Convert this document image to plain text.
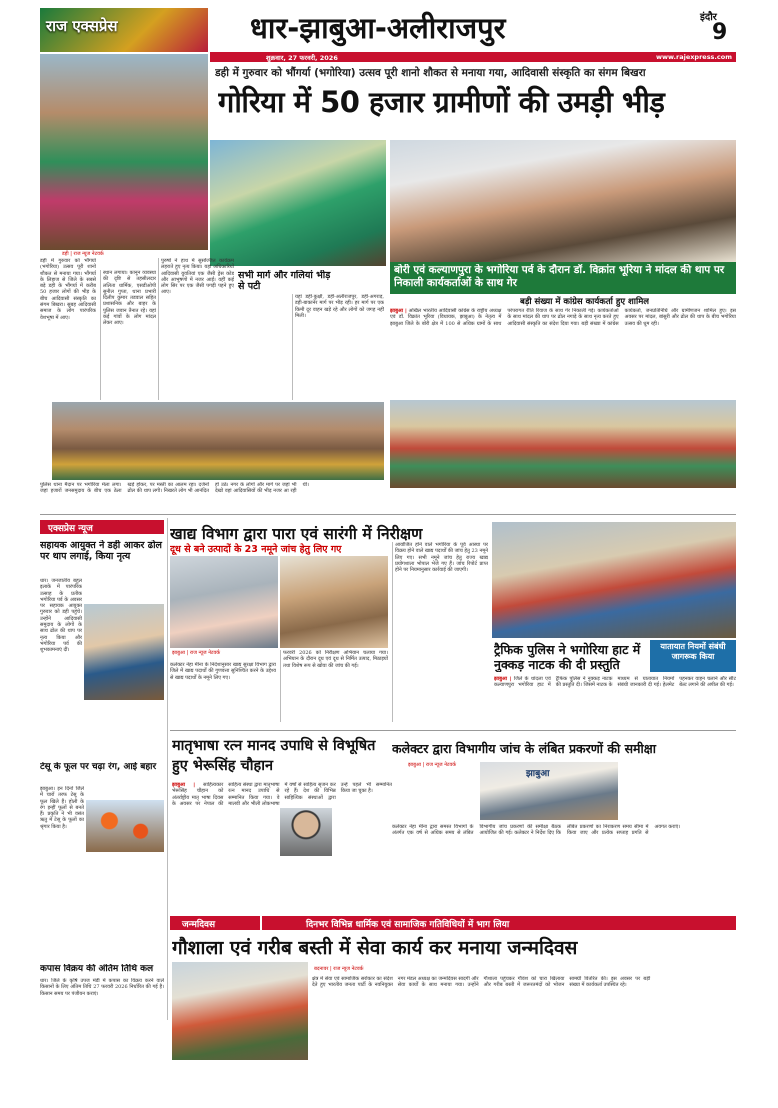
राज एक्सप्रेस	धार-झाबुआ-अलीराजपुर	इंदौर
9
शुक्रवार, 27 फरवरी, 2026	www.rajexpress.com
डही | राज न्यूज नेटवर्क
डही में गुरुवार को भौंगर्या (भगोरिया) उत्सव पूरी शानो शौकत से मनाया गया, आदिवासी संस्कृति का संगम बिखरा
गोरिया में 50 हजार ग्रामीणों की उमड़ी भीड़
डही में गुरुवार को भौंगर्या (भगोरिया) उत्सव पूरी शानो शौकत से मनाया गया। भौंगर्या के लिहाज से जिले के सबसे बड़े डही के भौंगर्या में करीब 50 हजार लोगों की भीड़ के बीच आदिवासी संस्कृति का संगम बिखरा। सुबह आदिवासी समाज के लोग पारंपरिक वेशभूषा में आए।
स्थान लगाया। कानून व्यवस्था की दृष्टि से तहसीलदार ललिता धार्मिक, एसडीओपी सुनील गुप्ता, थाना प्रभारी दिलीप कुमार तडवाल सहित प्रशासनिक और बाहर के पुलिस जवान तैनात रहे। यहां कई गांवों के लोग मांदल लेकर आए।
पुरुषों ने हाथ में सुसज्जित कार्यक्रम लहराते हुए नृत्य किया। यहां अधिकारियों आदिवासी युवतियां एक जैसी ड्रेस कोड और आभूषणों में नजर आईं। वहीं कई लोग सिर पर एक जैसी पगड़ी पहने हुए आए।
सभी मार्ग और गलियां भीड़ से पटी
यहां डही-कुक्षी, डही-अलीराजपुर, डही-अगराड़, डही-बाकानेर मार्ग पर भीड़ रही। हर मार्ग पर एक किमी दूर वाहन खड़े रहे और लोगों को जगह नहीं मिली।
पुलिस थाना मैदान पर भगोरिया मेला लगा। जहां हजारों जनसमुदाय के बीच एक ठेला खड़े होकर, पर मस्ती का आलम रहा। दर्जनों ढोल की थाप लगी। निखरते लोग भी आनंदित हो उठे। नगर के लोगों और मार्ग पर जहां भी देखो वहां आदिवासियों की भीड़ नजर आ रही थी।
बोरी एवं कल्याणपुरा के भगोरिया पर्व के दौरान डॉ. विक्रांत भूरिया ने मांदल की थाप पर निकाली कार्यकर्ताओं के साथ गेर
बड़ी संख्या में कांग्रेस कार्यकर्ता हुए शामिल
झाबुआ | अखिल भारतीय आदिवासी कांग्रेस के राष्ट्रीय अध्यक्ष एवं डॉ. विक्रांत भूरिया (विधायक, झाबुआ) के नेतृत्व में झाबुआ जिले के बोरी क्षेत्र में 100 से अधिक ग्रामों के साथ परंपरागत रीति रिवाज के साथ गेर निकाली गई। कार्यकर्ताओं के साथ मांदल की थाप पर ढोल नगाड़े के साथ नृत्य करते हुए आदिवासी संस्कृति का संदेश दिया गया। बड़ी संख्या में कांग्रेस कार्यकर्ता, जनप्रतिनिधि और ग्रामीणजन शामिल हुए। इस अवसर पर मांदल, बांसुरी और ढोल की थाप के बीच भगोरिया उत्सव की धूम रही।
एक्सप्रेस न्यूज
सहायक आयुक्त ने डही आकर ढोल पर थाप लगाई, किया नृत्य
धार। जनजातीय बहुल इलाके में पारंपरिक उत्साह के प्रतीक भगोरिया पर्व के अवसर पर सहायक आयुक्त गुरुवार को डही पहुंचे। उन्होंने आदिवासी समुदाय के लोगों के साथ ढोल की थाप पर नृत्य किया और भगोरिया पर्व की शुभकामनाएं दीं।
टेसू के फूल पर चढ़ा रंग, आई बहार
झाबुआ। इन दिनों जिले में चारों तरफ टेसू के फूल खिले हैं। होली के रंग इन्हीं फूलों से बनते हैं। प्रकृति ने भी वसंत ऋतु में टेसू के फूलों का श्रृंगार किया है।
कपास विक्रय की अंतिम तिथि कल
धार। जिले के कृषि उपज मंडी में कपास का विक्रय करने वाले किसानों के लिए अंतिम तिथि 27 फरवरी 2026 निर्धारित की गई है। किसान समय पर पंजीयन कराएं।
खाद्य विभाग द्वारा पारा एवं सारंगी में निरीक्षण
दूध से बने उत्पादों के 23 नमूने जांच हेतु लिए गए
झाबुआ | राज न्यूज नेटवर्क
कलेक्टर नेहा मीना के निर्देशानुसार खाद्य सुरक्षा विभाग द्वारा जिले में खाद्य पदार्थों की गुणवत्ता सुनिश्चित करने के उद्देश्य से खाद्य पदार्थों के नमूने लिए गए।
फरवरी 2026 को निरीक्षण अभियान चलाया गया। अभियान के दौरान दूध एवं दूध से निर्मित उत्पाद, मिठाइयों तथा विशेष रूप से खोवा की जांच की गई।
आयोजित होने वाले भगोरिया के पूर्व आस्था पर विक्रय होने वाले खाद्य पदार्थों की जांच हेतु 23 नमूने लिए गए। सभी नमूने जांच हेतु राज्य खाद्य प्रयोगशाला भोपाल भेजे गए हैं। जांच रिपोर्ट प्राप्त होने पर नियमानुसार कार्रवाई की जाएगी।
यातायात नियमों संबंधी जागरूक किया
ट्रैफिक पुलिस ने भगोरिया हाट में नुक्कड़ नाटक की दी प्रस्तुति
झाबुआ | जिले के थांदला एवं कल्याणपुरा भगोरिया हाट में ट्रैफिक पुलिस ने नुक्कड़ नाटक की प्रस्तुति दी। जिसमें नाटक के माध्यम से यातायात नियमों संबंधी जानकारी दी गई। हेलमेट पहनकर वाहन चलाने और सीट बेल्ट लगाने की अपील की गई।
मातृभाषा रत्न मानद उपाधि से विभूषित हुए भेरूसिंह चौहान
झाबुआ | साहित्यकार भेरूसिंह चौहान को अंतर्राष्ट्रीय मातृ भाषा दिवस के अवसर पर नेपाल की साहित्य संस्था द्वारा मातृभाषा रत्न मानद उपाधि से सम्मानित किया गया। वे मालवी और भीली लोकभाषा में वर्षों से साहित्य सृजन कर रहे हैं। देश की विभिन्न साहित्यिक संस्थाओं द्वारा उन्हें पहले भी सम्मानित किया जा चुका है।
कलेक्टर द्वारा विभागीय जांच के लंबित प्रकरणों की समीक्षा
झाबुआ | राज न्यूज नेटवर्क
झाबुआ
कलेक्टर नेहा मीना द्वारा समस्त विभागों के अंतर्गत एक वर्ष से अधिक समय से लंबित विभागीय जांच प्रकरणों की समीक्षा बैठक आयोजित की गई। कलेक्टर ने निर्देश दिए कि लंबित प्रकरणों का निराकरण समय सीमा में किया जाए और प्रत्येक सप्ताह प्रगति से अवगत कराएं।
जन्मदिवस	दिनभर विभिन्न धार्मिक एवं सामाजिक गतिविधियों में भाग लिया
गौशाला एवं गरीब बस्ती में सेवा कार्य कर मनाया जन्मदिवस
बदनावर | राज न्यूज नेटवर्क
क्षेत्र में सेवा एवं सामाजिक सरोकार का संदेश देते हुए भारतीय जनता पार्टी के नवनियुक्त नगर मंडल अध्यक्ष का जन्मदिवस सादगी और सेवा कार्यों के साथ मनाया गया। उन्होंने गौशाला पहुंचकर गौवंश को चारा खिलाया और गरीब बस्ती में जरूरतमंदों को भोजन सामग्री वितरित की। इस अवसर पर बड़ी संख्या में कार्यकर्ता उपस्थित रहे।
